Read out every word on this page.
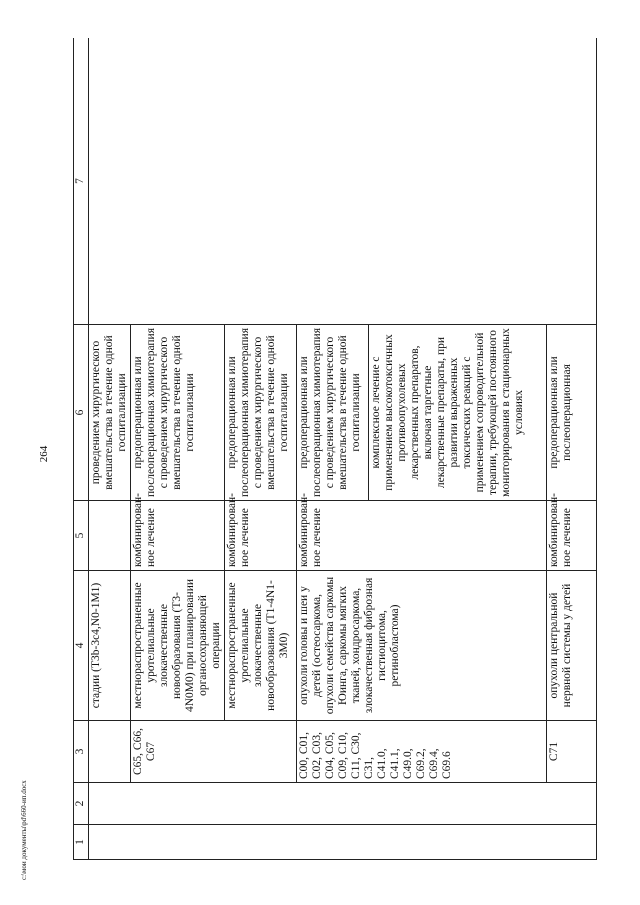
264
c:\мои документы\pd\660-ип.docx	1	2	3	4	5	6	7
			стадии (T3b-3c4,N0-1M1)		проведением хирургического вмешательства в течение одной госпитализации	
		C65, C66, C67	местнораспространенные уротелиальные злокачественные новообразования (T3-4N0M0) при планировании органосохраняющей операции	комбинирован-ное лечение	предоперационная или послеоперационная химиотерапия с проведением хирургического вмешательства в течение одной госпитализации	
			местнораспространенные уротелиальные злокачественные новообразования (T1-4N1-3M0)	комбинирован-ное лечение	предоперационная или послеоперационная химиотерапия с проведением хирургического вмешательства в течение одной госпитализации	
		C00, C01, C02, C03, C04, C05, C09, C10, C11, C30, C31, C41.0, C41.1, C49.0, C69.2, C69.4, C69.6	опухоли головы и шеи у детей (остеосаркома, опухоли семейства саркомы Юинга, саркомы мягких тканей, хондросаркома, злокачественная фиброзная гистиоцитома, ретинобластома)	комбинирован-ное лечение	предоперационная или послеоперационная химиотерапия с проведением хирургического вмешательства в течение одной госпитализации	
					комплексное лечение с применением высокотоксичных противоопухолевых лекарственных препаратов, включая таргетные лекарственные препараты, при развитии выраженных токсических реакций с применением сопроводительной терапии, требующей постоянного мониторирования в стационарных условиях	
		C71	опухоли центральной нервной системы у детей	комбинирован-ное лечение	предоперационная или послеоперационная	
